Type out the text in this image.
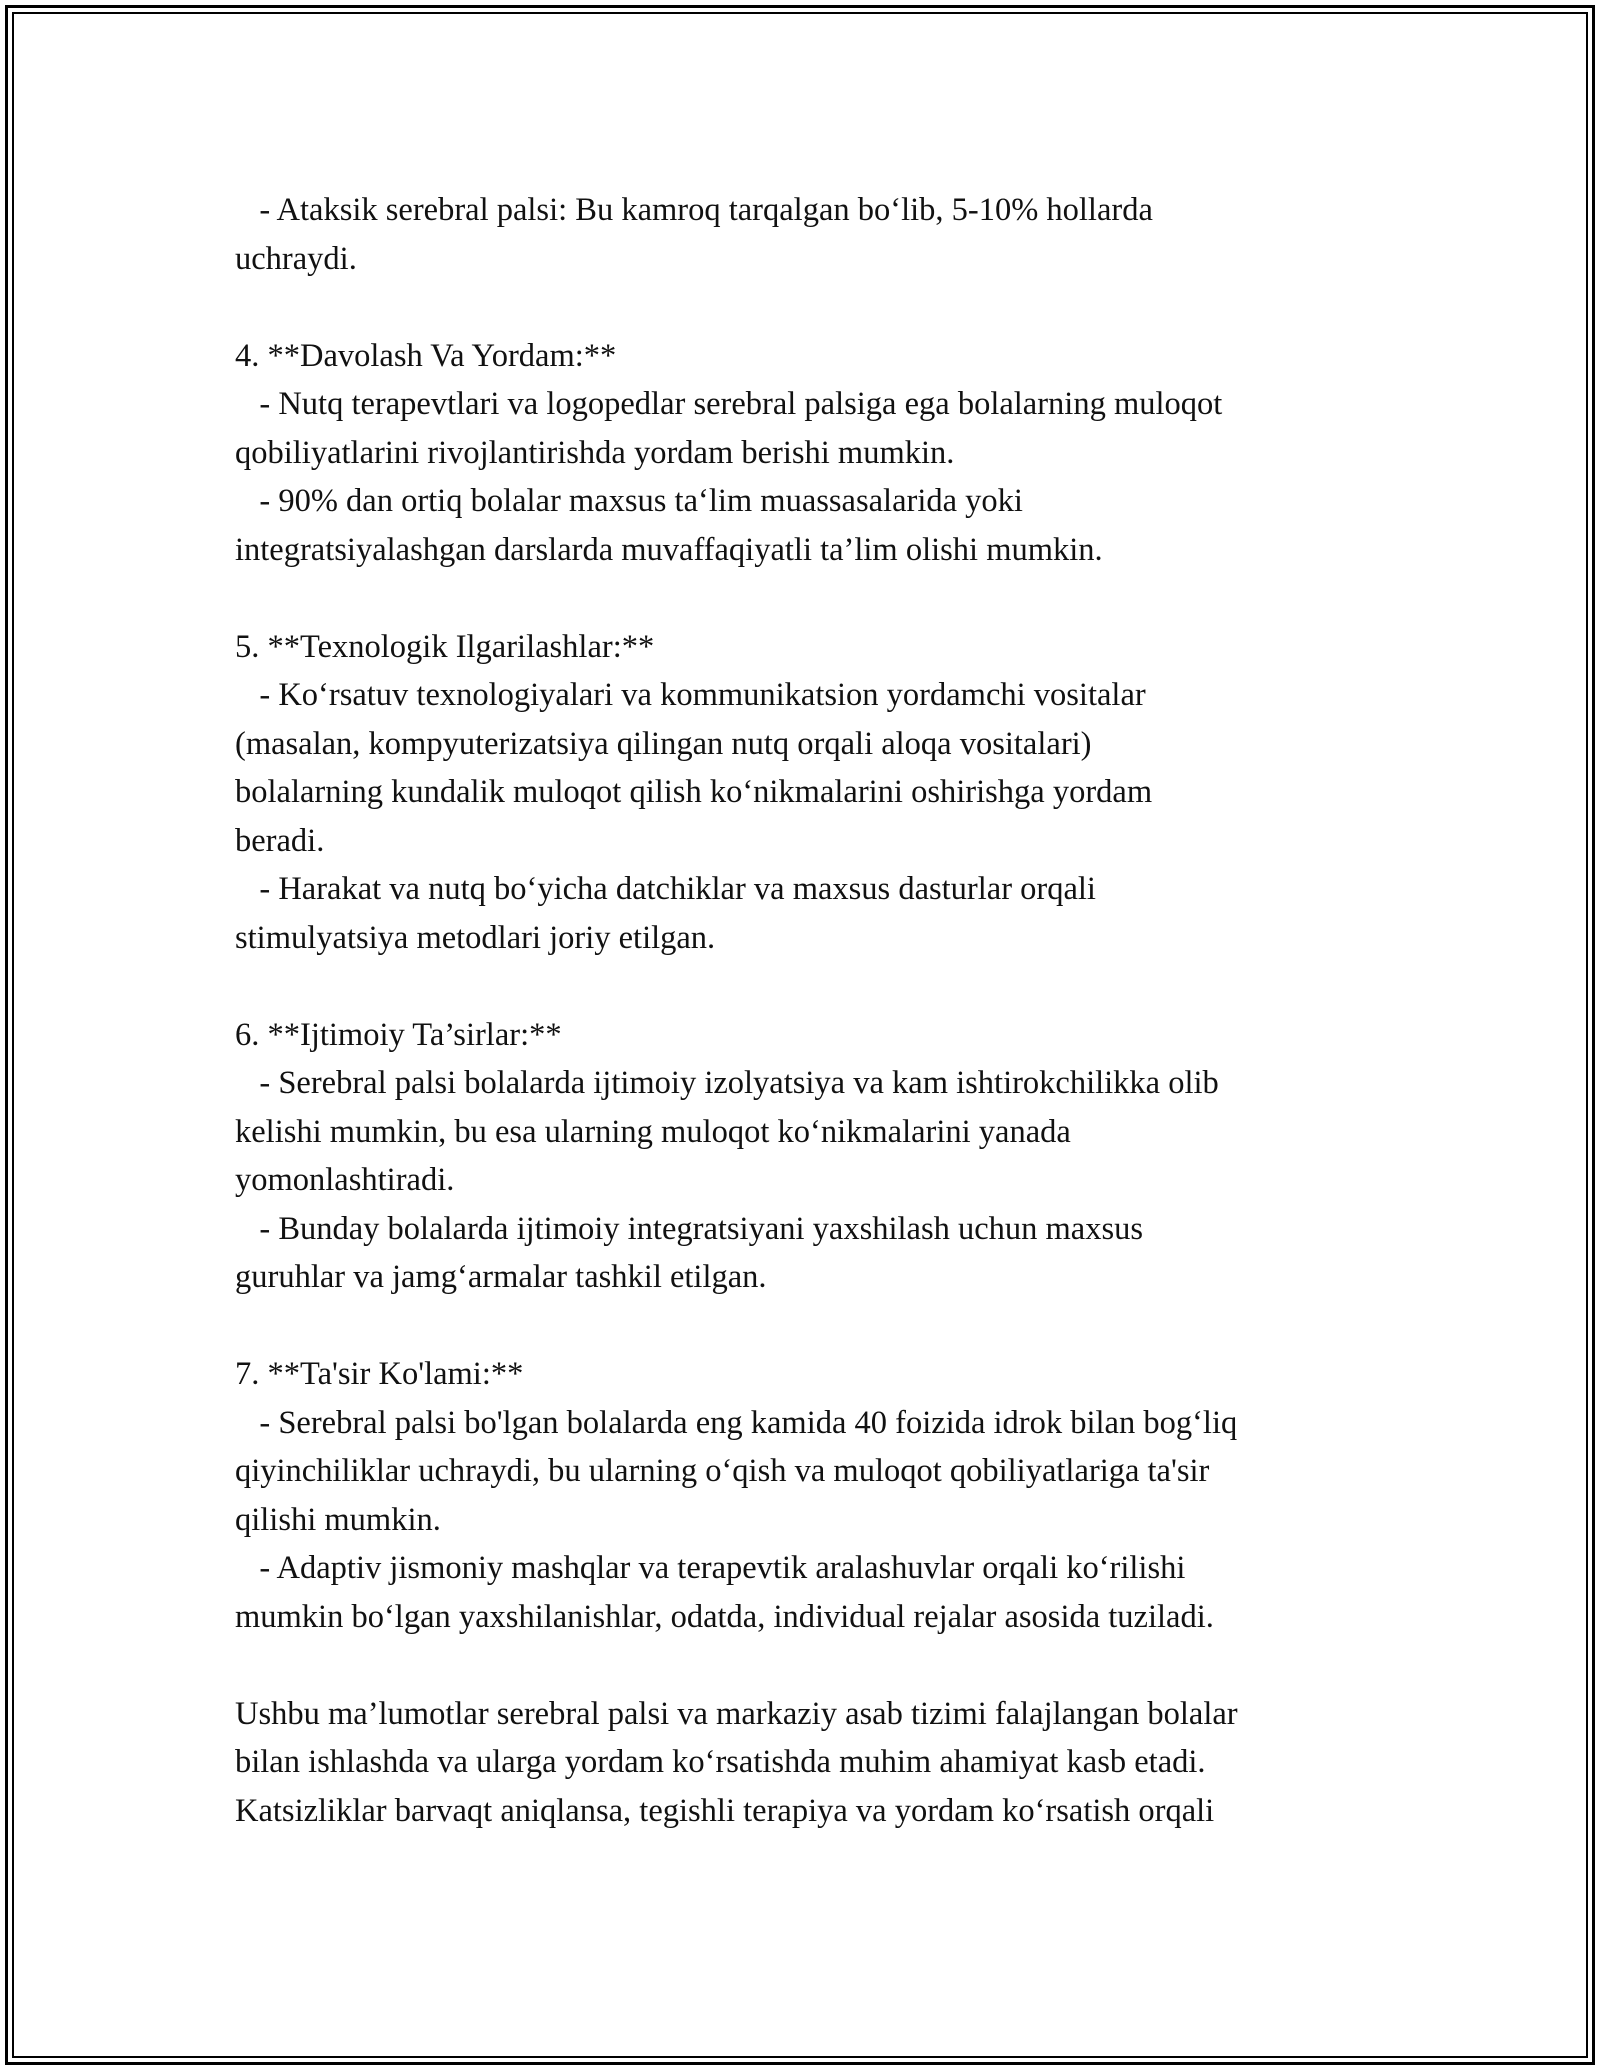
- Ataksik serebral palsi: Bu kamroq tarqalgan bo‘lib, 5-10% hollarda
uchraydi.
4. **Davolash Va Yordam:**
- Nutq terapevtlari va logopedlar serebral palsiga ega bolalarning muloqot
qobiliyatlarini rivojlantirishda yordam berishi mumkin.
- 90% dan ortiq bolalar maxsus ta‘lim muassasalarida yoki
integratsiyalashgan darslarda muvaffaqiyatli ta’lim olishi mumkin.
5. **Texnologik Ilgarilashlar:**
- Ko‘rsatuv texnologiyalari va kommunikatsion yordamchi vositalar
(masalan, kompyuterizatsiya qilingan nutq orqali aloqa vositalari)
bolalarning kundalik muloqot qilish ko‘nikmalarini oshirishga yordam
beradi.
- Harakat va nutq bo‘yicha datchiklar va maxsus dasturlar orqali
stimulyatsiya metodlari joriy etilgan.
6. **Ijtimoiy Ta’sirlar:**
- Serebral palsi bolalarda ijtimoiy izolyatsiya va kam ishtirokchilikka olib
kelishi mumkin, bu esa ularning muloqot ko‘nikmalarini yanada
yomonlashtiradi.
- Bunday bolalarda ijtimoiy integratsiyani yaxshilash uchun maxsus
guruhlar va jamg‘armalar tashkil etilgan.
7. **Ta'sir Ko'lami:**
- Serebral palsi bo'lgan bolalarda eng kamida 40 foizida idrok bilan bog‘liq
qiyinchiliklar uchraydi, bu ularning o‘qish va muloqot qobiliyatlariga ta'sir
qilishi mumkin.
- Adaptiv jismoniy mashqlar va terapevtik aralashuvlar orqali ko‘rilishi
mumkin bo‘lgan yaxshilanishlar, odatda, individual rejalar asosida tuziladi.
Ushbu ma’lumotlar serebral palsi va markaziy asab tizimi falajlangan bolalar
bilan ishlashda va ularga yordam ko‘rsatishda muhim ahamiyat kasb etadi.
Katsizliklar barvaqt aniqlansa, tegishli terapiya va yordam ko‘rsatish orqali
